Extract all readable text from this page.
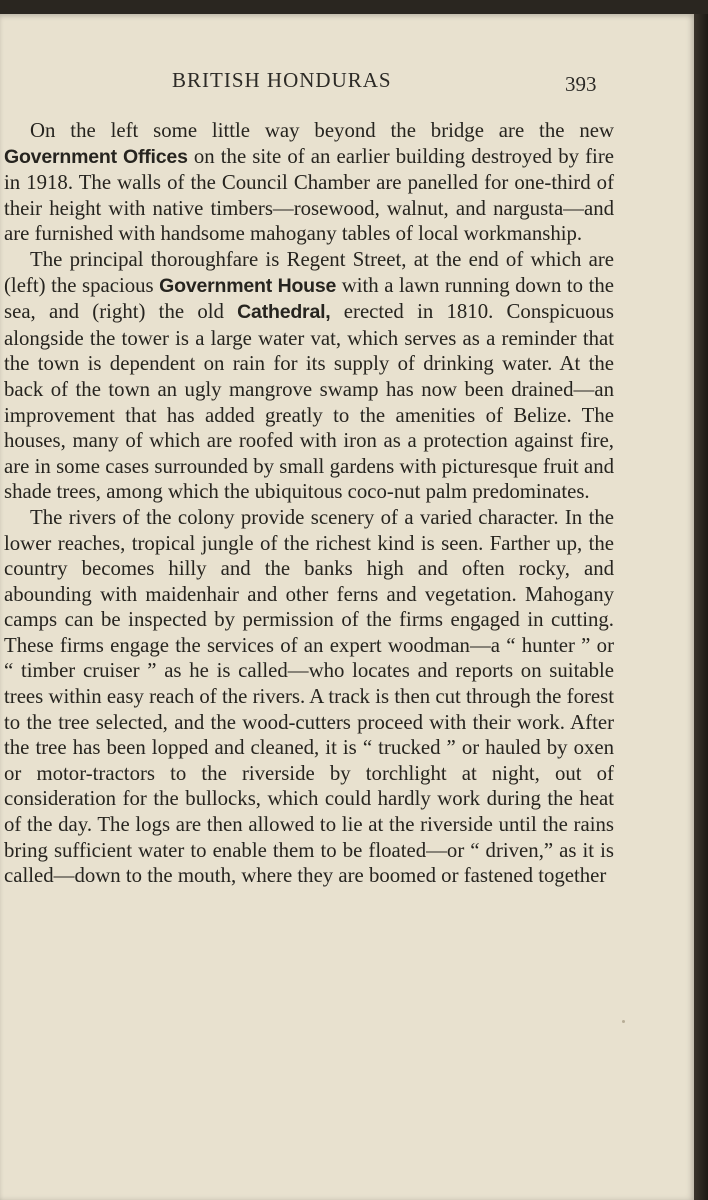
BRITISH HONDURAS	393

On the left some little way beyond the bridge are the new Government Offices on the site of an earlier building destroyed by fire in 1918. The walls of the Council Chamber are panelled for one-third of their height with native timbers—rosewood, walnut, and nargusta—and are furnished with handsome mahogany tables of local workmanship.

The principal thoroughfare is Regent Street, at the end of which are (left) the spacious Government House with a lawn running down to the sea, and (right) the old Cathedral, erected in 1810. Conspicuous alongside the tower is a large water vat, which serves as a reminder that the town is dependent on rain for its supply of drinking water. At the back of the town an ugly mangrove swamp has now been drained—an improvement that has added greatly to the amenities of Belize. The houses, many of which are roofed with iron as a protection against fire, are in some cases surrounded by small gardens with picturesque fruit and shade trees, among which the ubiquitous coco-nut palm predominates.

The rivers of the colony provide scenery of a varied character. In the lower reaches, tropical jungle of the richest kind is seen. Farther up, the country becomes hilly and the banks high and often rocky, and abounding with maidenhair and other ferns and vegetation. Mahogany camps can be inspected by permission of the firms engaged in cutting. These firms engage the services of an expert woodman—a “ hunter ” or “ timber cruiser ” as he is called—who locates and reports on suitable trees within easy reach of the rivers. A track is then cut through the forest to the tree selected, and the wood-cutters proceed with their work. After the tree has been lopped and cleaned, it is “ trucked ” or hauled by oxen or motor-tractors to the riverside by torchlight at night, out of consideration for the bullocks, which could hardly work during the heat of the day. The logs are then allowed to lie at the riverside until the rains bring sufficient water to enable them to be floated—or “ driven,” as it is called—down to the mouth, where they are boomed or fastened together
